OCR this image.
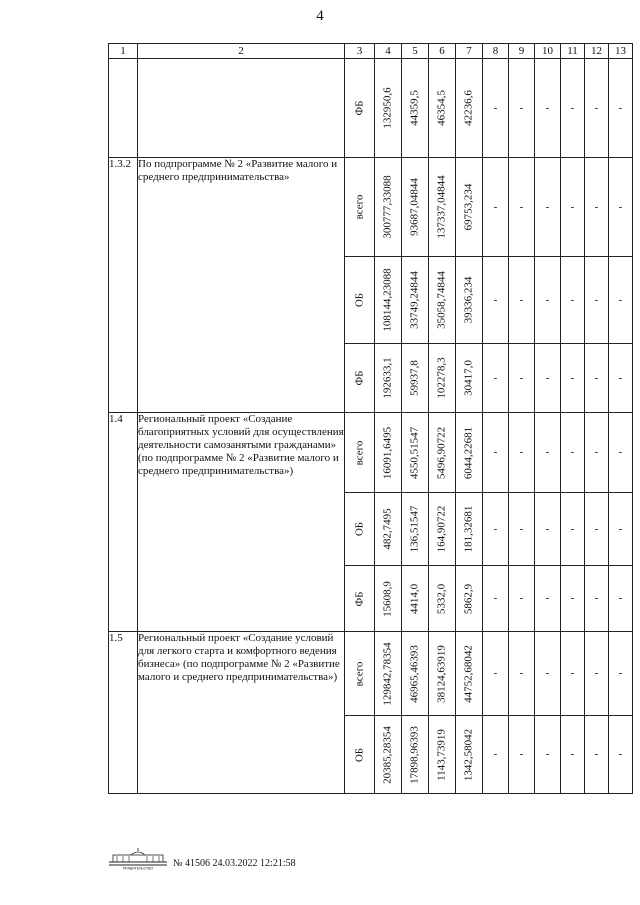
4
1	2	3	4	5	6	7	8	9	10	11	12	13

		ФБ	132950,6	44359,5	46354,5	42236,6	-	-	-	-	-	-
1.3.2	По подпрограмме № 2 «Развитие малого и среднего предпринимательства»	всего	300777,33088	93687,04844	137337,04844	69753,234	-	-	-	-	-	-

		ОБ	108144,23088	33749,24844	35058,74844	39336,234	-	-	-	-	-	-

		ФБ	192633,1	59937,8	102278,3	30417,0	-	-	-	-	-	-
1.4	Региональный проект «Создание благоприятных условий для осуществления деятельности самозанятыми гражданами» (по подпрограмме № 2 «Развитие малого и среднего предпринимательства»)	всего	16091,6495	4550,51547	5496,90722	6044,22681	-	-	-	-	-	-

		ОБ	482,7495	136,51547	164,90722	181,32681	-	-	-	-	-	-

		ФБ	15608,9	4414,0	5332,0	5862,9	-	-	-	-	-	-
1.5	Региональный проект «Создание условий для легкого старта и комфортного ведения бизнеса» (по подпрограмме № 2 «Развитие малого и среднего предпринимательства»)	всего	129842,78354	46965,46393	38124,63919	44752,68042	-	-	-	-	-	-

		ОБ	20385,28354	17898,96393	1143,73919	1342,58042	-	-	-	-	-	-
ПРАВИТЕЛЬСТВО № 41506 24.03.2022 12:21:58
